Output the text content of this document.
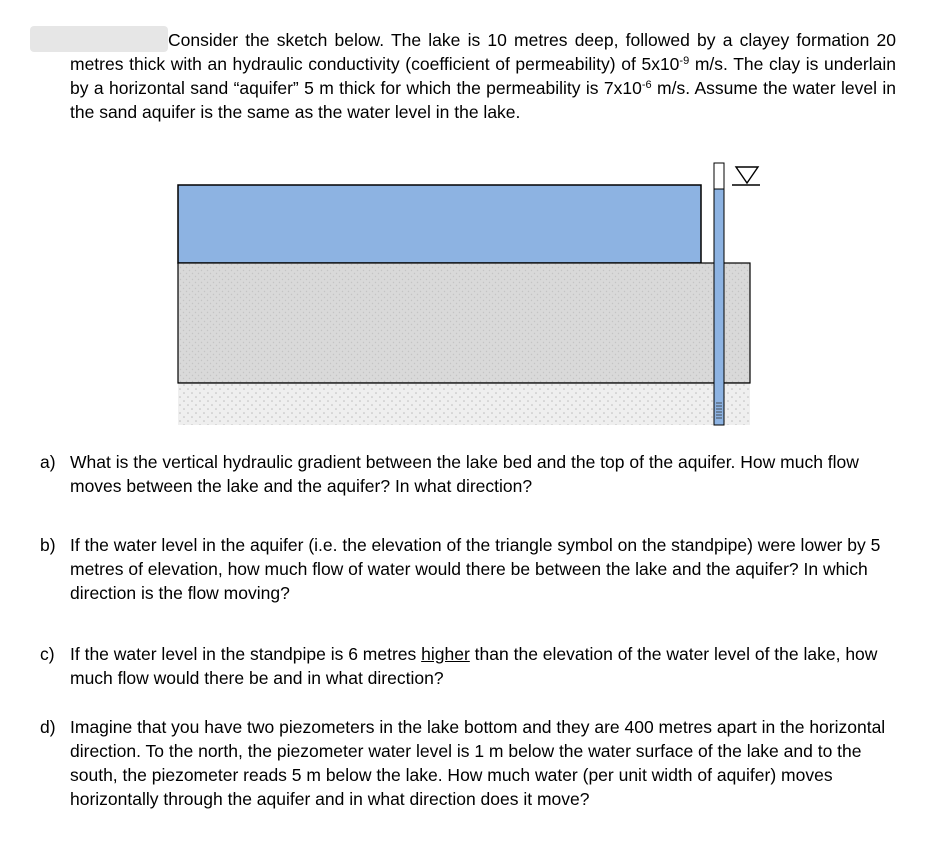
Consider the sketch below. The lake is 10 metres deep, followed by a clayey formation 20 metres thick with an hydraulic conductivity (coefficient of permeability) of $5x10^{-9}$ m/s. The clay is underlain by a horizontal sand “aquifer” 5 m thick for which the permeability is $7x10^{-6}$ m/s. Assume the water level in the sand aquifer is the same as the water level in the lake.

a) What is the vertical hydraulic gradient between the lake bed and the top of the aquifer. How much flow moves between the lake and the aquifer? In what direction?
b) If the water level in the aquifer (i.e. the elevation of the triangle symbol on the standpipe) were lower by 5 metres of elevation, how much flow of water would there be between the lake and the aquifer? In which direction is the flow moving?
c) If the water level in the standpipe is 6 metres higher than the elevation of the water level of the lake, how much flow would there be and in what direction?
d) Imagine that you have two piezometers in the lake bottom and they are 400 metres apart in the horizontal direction. To the north, the piezometer water level is 1 m below the water surface of the lake and to the south, the piezometer reads 5 m below the lake. How much water (per unit width of aquifer) moves horizontally through the aquifer and in what direction does it move?
